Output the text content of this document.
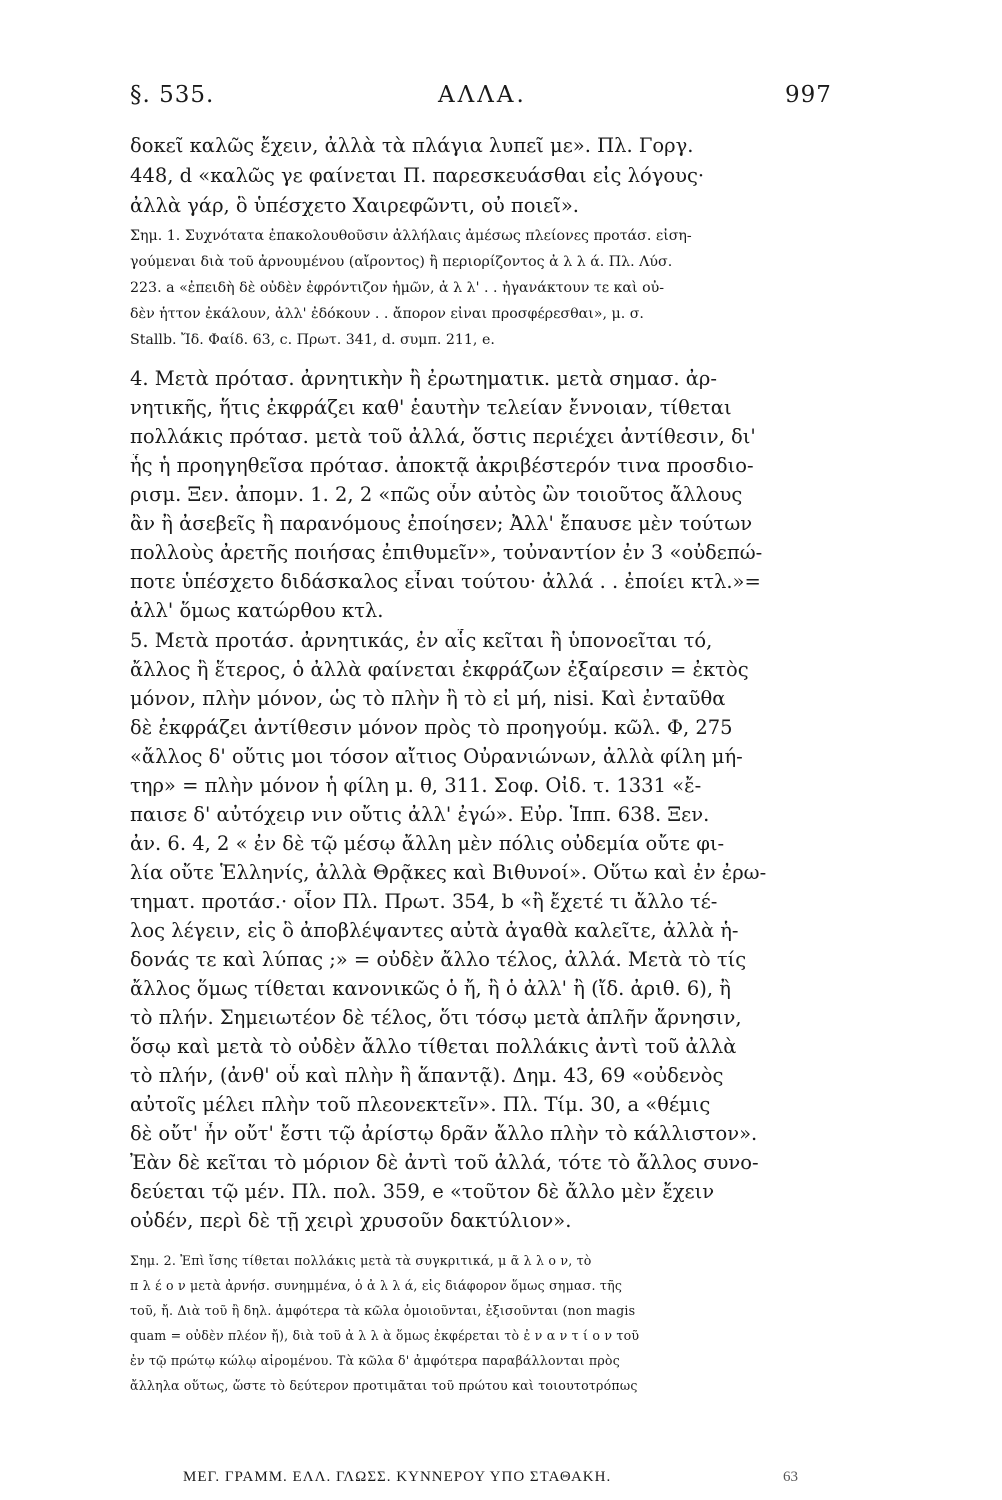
§. 535.	ΑΛΛΑ.	997
δοκεῖ καλῶς ἔχειν, ἀλλὰ τὰ πλάγια λυπεῖ με». Πλ. Γοργ.
448, d «καλῶς γε φαίνεται Π. παρεσκευάσθαι εἰς λόγους·
ἀλλὰ γάρ, ὃ ὑπέσχετο Χαιρεφῶντι, οὐ ποιεῖ».
Σημ. 1. Συχνότατα ἐπακολουθοῦσιν ἀλλήλαις ἀμέσως πλείονες προτάσ. εἰση-
γούμεναι διὰ τοῦ ἀρνουμένου (αἴροντος) ἢ περιορίζοντος ἀ λ λ ά. Πλ. Λύσ.
223. a «ἐπειδὴ δὲ οὐδὲν ἐφρόντιζον ἡμῶν, ἀ λ λ' . . ἠγανάκτουν τε καὶ οὐ-
δὲν ἧττον ἐκάλουν, ἀλλ' ἐδόκουν . . ἄπορον εἶναι προσφέρεσθαι», μ. σ.
Stallb. Ἴδ. Φαίδ. 63, c. Πρωτ. 341, d. συμπ. 211, e.
4. Μετὰ πρότασ. ἀρνητικὴν ἢ ἐρωτηματικ. μετὰ σημασ. ἀρ-
νητικῆς, ἥτις ἐκφράζει καθ' ἑαυτὴν τελείαν ἔννοιαν, τίθεται
πολλάκις πρότασ. μετὰ τοῦ ἀλλά, ὅστις περιέχει ἀντίθεσιν, δι'
ἧς ἡ προηγηθεῖσα πρότασ. ἀποκτᾷ ἀκριβέστερόν τινα προσδιο-
ρισμ. Ξεν. ἀπομν. 1. 2, 2 «πῶς οὖν αὐτὸς ὢν τοιοῦτος ἄλλους
ἂν ἢ ἀσεβεῖς ἢ παρανόμους ἐποίησεν; Ἀλλ' ἔπαυσε μὲν τούτων
πολλοὺς ἀρετῆς ποιήσας ἐπιθυμεῖν», τοὐναντίον ἐν 3 «οὐδεπώ-
ποτε ὑπέσχετο διδάσκαλος εἶναι τούτου· ἀλλά . . ἐποίει κτλ.»=
ἀλλ' ὅμως κατώρθου κτλ.
5. Μετὰ προτάσ. ἀρνητικάς, ἐν αἷς κεῖται ἢ ὑπονοεῖται τό,
ἄλλος ἢ ἕτερος, ὁ ἀλλὰ φαίνεται ἐκφράζων ἐξαίρεσιν = ἐκτὸς
μόνον, πλὴν μόνον, ὡς τὸ πλὴν ἢ τὸ εἰ μή, nisi. Καὶ ἐνταῦθα
δὲ ἐκφράζει ἀντίθεσιν μόνον πρὸς τὸ προηγούμ. κῶλ. Φ, 275
«ἄλλος δ' οὔτις μοι τόσον αἴτιος Οὐρανιώνων, ἀλλὰ φίλη μή-
τηρ» = πλὴν μόνον ἡ φίλη μ. θ, 311. Σοφ. Οἰδ. τ. 1331 «ἔ-
παισε δ' αὐτόχειρ νιν οὔτις ἀλλ' ἐγώ». Εὐρ. Ἱππ. 638. Ξεν.
ἀν. 6. 4, 2 « ἐν δὲ τῷ μέσῳ ἄλλη μὲν πόλις οὐδεμία οὔτε φι-
λία οὔτε Ἑλληνίς, ἀλλὰ Θρᾷκες καὶ Βιθυνοί». Οὕτω καὶ ἐν ἐρω-
τηματ. προτάσ.· οἷον Πλ. Πρωτ. 354, b «ἢ ἔχετέ τι ἄλλο τέ-
λος λέγειν, εἰς ὃ ἀποβλέψαντες αὐτὰ ἀγαθὰ καλεῖτε, ἀλλὰ ἡ-
δονάς τε καὶ λύπας ;» = οὐδὲν ἄλλο τέλος, ἀλλά. Μετὰ τὸ τίς
ἄλλος ὅμως τίθεται κανονικῶς ὁ ἤ, ἢ ὁ ἀλλ' ἢ (ἴδ. ἀριθ. 6), ἢ
τὸ πλήν. Σημειωτέον δὲ τέλος, ὅτι τόσῳ μετὰ ἁπλῆν ἄρνησιν,
ὅσῳ καὶ μετὰ τὸ οὐδὲν ἄλλο τίθεται πολλάκις ἀντὶ τοῦ ἀλλὰ
τὸ πλήν, (ἀνθ' οὗ καὶ πλὴν ἢ ἅπαντᾷ). Δημ. 43, 69 «οὐδενὸς
αὐτοῖς μέλει πλὴν τοῦ πλεονεκτεῖν». Πλ. Τίμ. 30, a «θέμις
δὲ οὔτ' ἦν οὔτ' ἔστι τῷ ἀρίστῳ δρᾶν ἄλλο πλὴν τὸ κάλλιστον».
Ἐὰν δὲ κεῖται τὸ μόριον δὲ ἀντὶ τοῦ ἀλλά, τότε τὸ ἄλλος συνο-
δεύεται τῷ μέν. Πλ. πολ. 359, e «τοῦτον δὲ ἄλλο μὲν ἔχειν
οὐδέν, περὶ δὲ τῇ χειρὶ χρυσοῦν δακτύλιον».
Σημ. 2. Ἐπὶ ἴσης τίθεται πολλάκις μετὰ τὰ συγκριτικά, μ ᾶ λ λ ο ν, τὸ
π λ έ ο ν μετὰ ἀρνήσ. συνημμένα, ὁ ἀ λ λ ά, εἰς διάφορον ὅμως σημασ. τῆς
τοῦ, ἤ. Διὰ τοῦ ἢ δηλ. ἀμφότερα τὰ κῶλα ὁμοιοῦνται, ἐξισοῦνται (non magis
quam = οὐδὲν πλέον ἤ), διὰ τοῦ ἀ λ λ ὰ ὅμως ἐκφέρεται τὸ ἐ ν α ν τ ί ο ν τοῦ
ἐν τῷ πρώτῳ κώλῳ αἱρομένου. Τὰ κῶλα δ' ἀμφότερα παραβάλλονται πρὸς
ἄλληλα οὕτως, ὥστε τὸ δεύτερον προτιμᾶται τοῦ πρώτου καὶ τοιουτοτρόπως
ΜΕΓ. ΓΡΑΜΜ. ΕΛΛ. ΓΛΩΣΣ. ΚΥΝΝΕΡΟΥ ΥΠΟ ΣΤΑΘΑΚΗ.	63
